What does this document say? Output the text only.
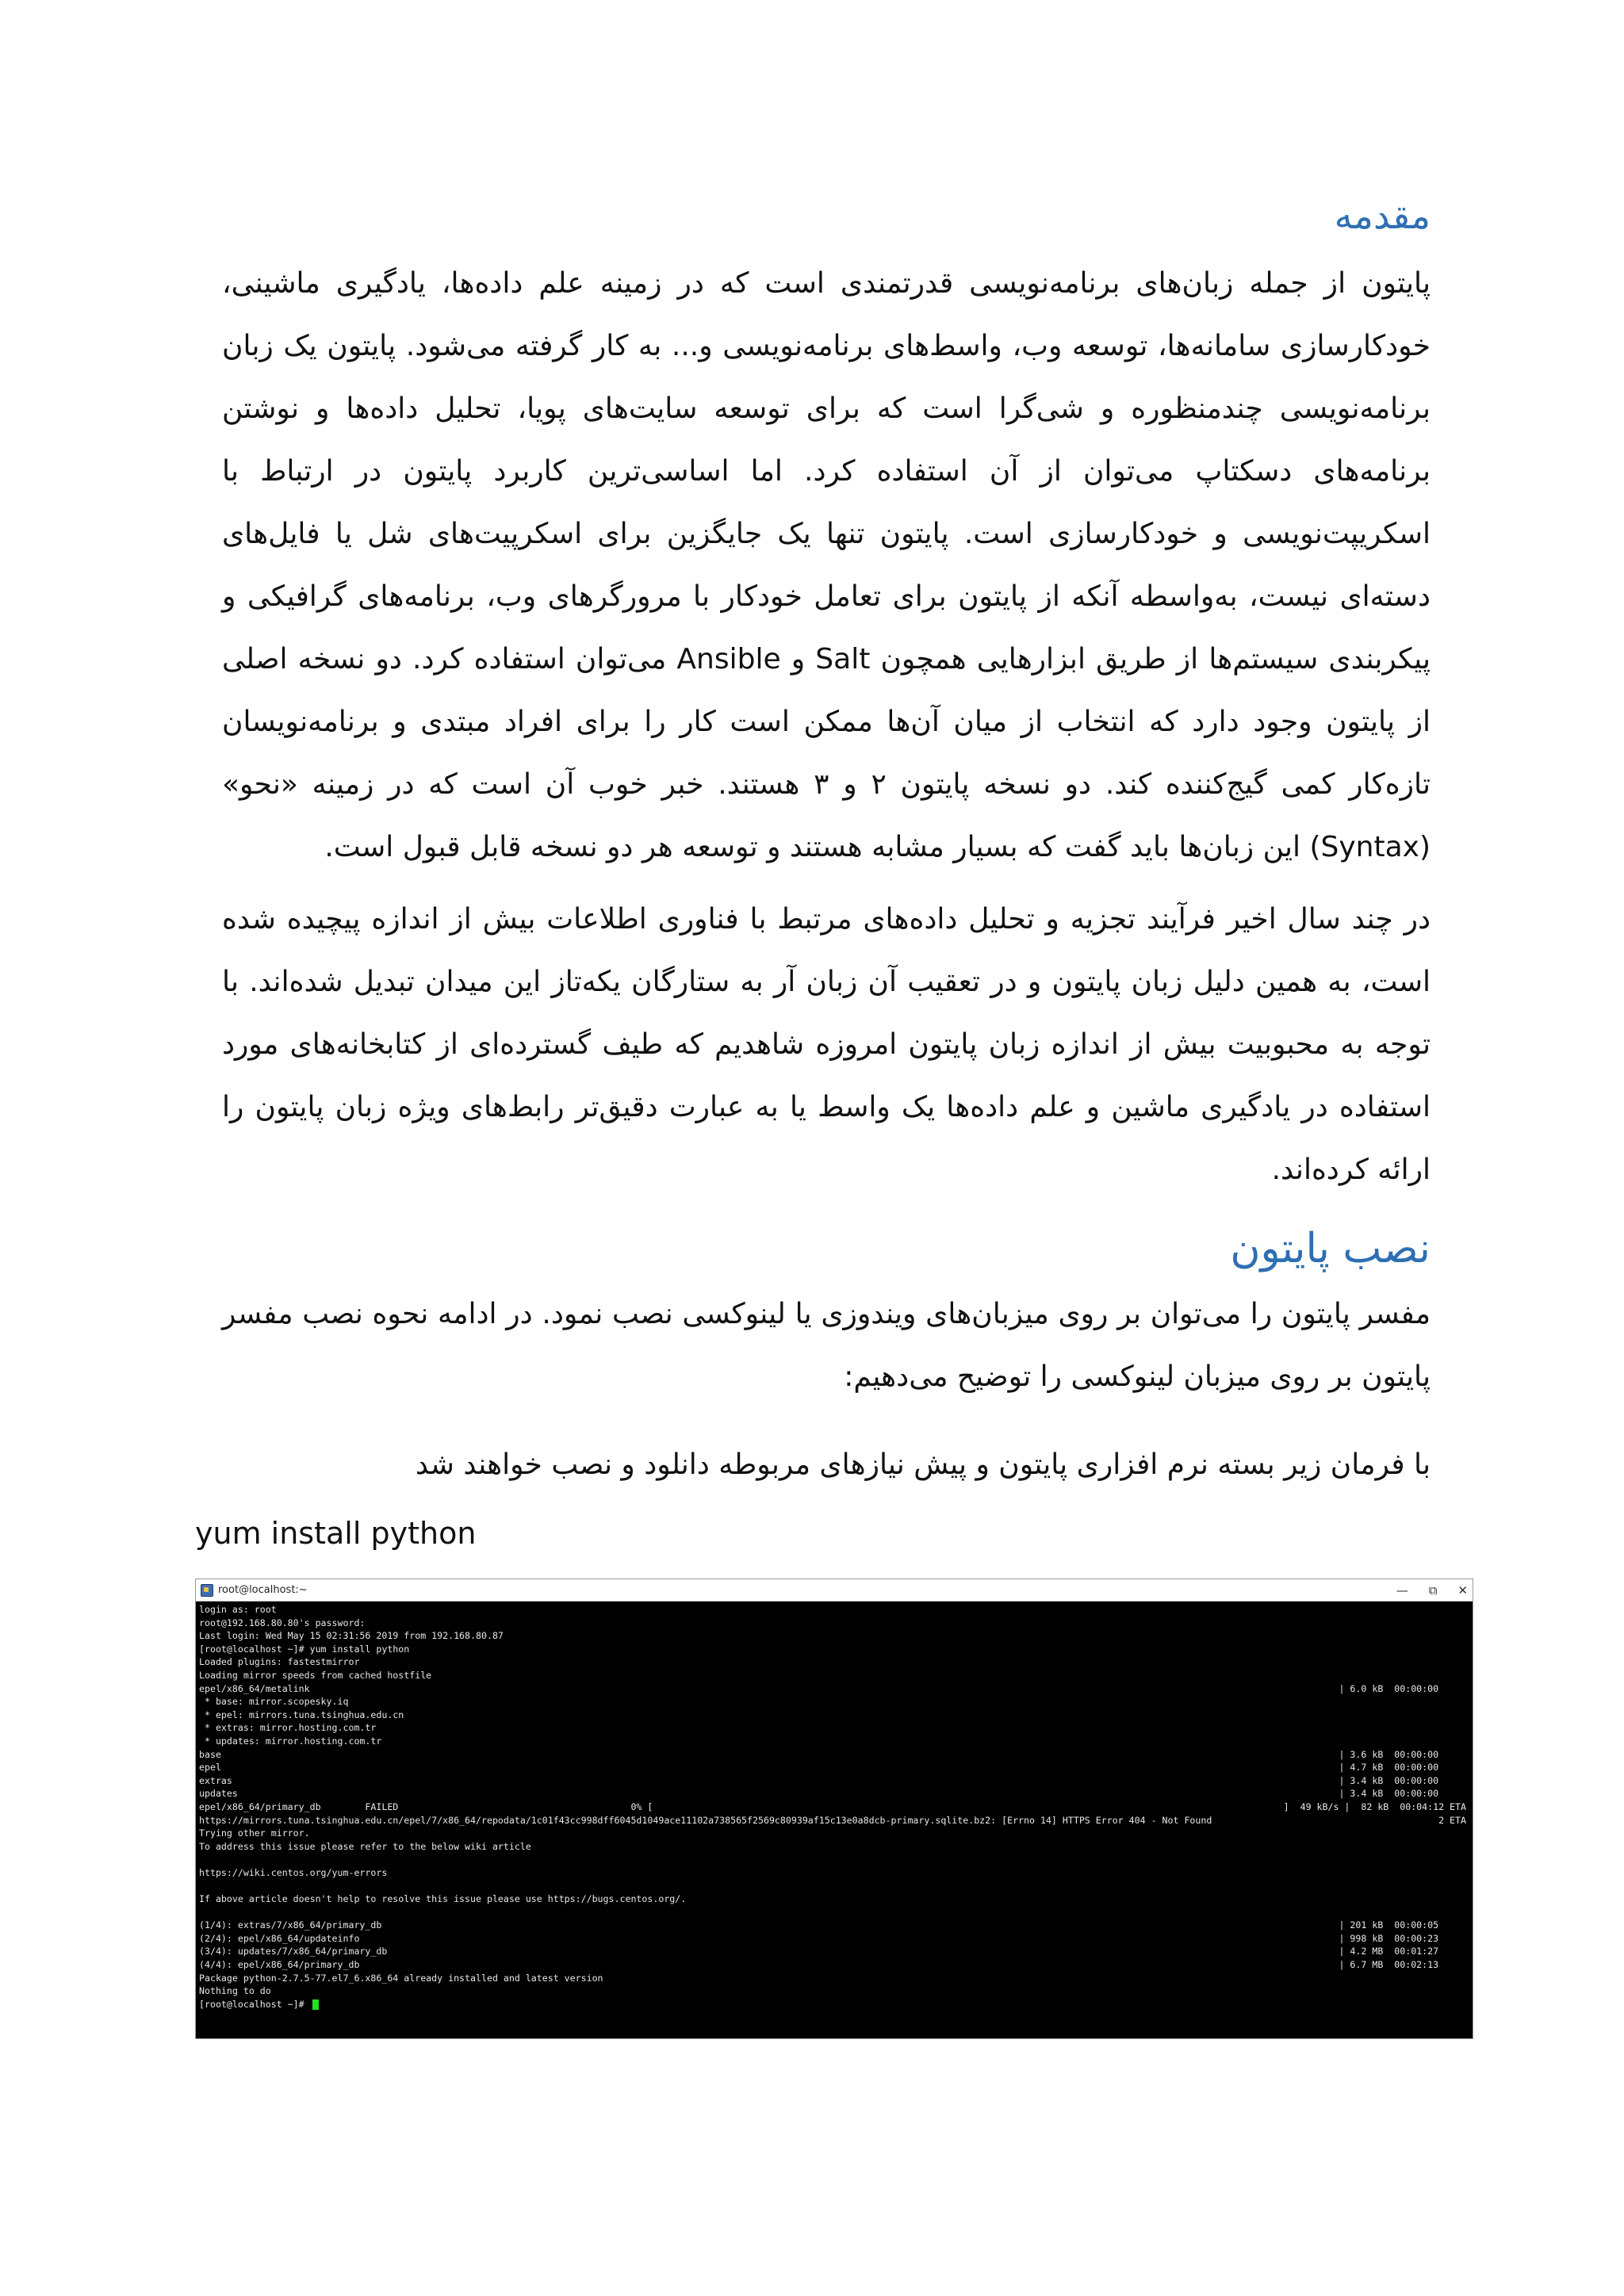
مقدمه

پایتون از جمله زبان‌های برنامه‌نویسی قدرتمندی است که در زمینه علم داده‌ها، یادگیری ماشینی، خودکارسازی سامانه‌ها، توسعه وب، واسط‌های برنامه‌نویسی و... به کار گرفته می‌شود. پایتون یک زبان برنامه‌نویسی چندمنظوره و شی‌گرا است که برای توسعه سایت‌های پویا، تحلیل داده‌ها و نوشتن برنامه‌های دسکتاپ می‌توان از آن استفاده کرد. اما اساسی‌ترین کاربرد پایتون در ارتباط با اسکریپت‌نویسی و خودکارسازی است. پایتون تنها یک جایگزین برای اسکرپیت‌های شل یا فایل‌های دسته‌ای نیست، به‌واسطه آنکه از پایتون برای تعامل خودکار با مرورگرهای وب، برنامه‌های گرافیکی و پیکربندی سیستم‌ها از طریق ابزارهایی همچون Salt و Ansible می‌توان استفاده کرد. دو نسخه اصلی از پایتون وجود دارد که انتخاب از میان آن‌ها ممکن است کار را برای افراد مبتدی و برنامه‌نویسان تازه‌کار کمی گیج‌کننده کند. دو نسخه پایتون ۲ و ۳ هستند. خبر خوب آن است که در زمینه «نحو» (Syntax) این زبان‌ها باید گفت که بسیار مشابه هستند و توسعه هر دو نسخه قابل قبول است.

در چند سال اخیر فرآیند تجزیه و تحلیل داده‌های مرتبط با فناوری اطلاعات بیش از اندازه پیچیده شده است، به همین دلیل زبان پایتون و در تعقیب آن زبان آر به ستارگان یکه‌تاز این میدان تبدیل شده‌اند. با توجه به محبوبیت بیش از اندازه زبان پایتون امروزه شاهدیم که طیف گسترده‌ای از کتابخانه‌های مورد استفاده در یادگیری ماشین و علم داده‌ها یک واسط یا به عبارت دقیق‌تر رابط‌های ویژه زبان پایتون را ارائه کرده‌اند.

نصب پایتون

مفسر پایتون را می‌توان بر روی میزبان‌های ویندوزی یا لینوکسی نصب نمود. در ادامه نحوه نصب مفسر پایتون بر روی میزبان لینوکسی را توضیح می‌دهیم:

با فرمان زیر بسته نرم افزاری پایتون و پیش نیازهای مربوطه دانلود و نصب خواهند شد

yum install python
root@localhost:~	— ⧉ ✕
login as: root
root@192.168.80.80's password:
Last login: Wed May 15 02:31:56 2019 from 192.168.80.87
[root@localhost ~]# yum install python
Loaded plugins: fastestmirror
Loading mirror speeds from cached hostfile
epel/x86_64/metalink	| 6.0 kB  00:00:00
* base: mirror.scopesky.iq
* epel: mirrors.tuna.tsinghua.edu.cn
* extras: mirror.hosting.com.tr
* updates: mirror.hosting.com.tr
base	| 3.6 kB  00:00:00
epel	| 4.7 kB  00:00:00
extras	| 3.4 kB  00:00:00
updates	| 3.4 kB  00:00:00
epel/x86_64/primary_db        FAILED                                          0% [	]  49 kB/s |  82 kB  00:04:12 ETA
https://mirrors.tuna.tsinghua.edu.cn/epel/7/x86_64/repodata/1c01f43cc998dff6045d1049ace11102a738565f2569c80939af15c13e0a8dcb-primary.sqlite.bz2: [Errno 14] HTTPS Error 404 - Not Found	2 ETA
Trying other mirror.
To address this issue please refer to the below wiki article
https://wiki.centos.org/yum-errors
If above article doesn't help to resolve this issue please use https://bugs.centos.org/.
(1/4): extras/7/x86_64/primary_db	| 201 kB  00:00:05
(2/4): epel/x86_64/updateinfo	| 998 kB  00:00:23
(3/4): updates/7/x86_64/primary_db	| 4.2 MB  00:01:27
(4/4): epel/x86_64/primary_db	| 6.7 MB  00:02:13
Package python-2.7.5-77.el7_6.x86_64 already installed and latest version
Nothing to do
[root@localhost ~]#
